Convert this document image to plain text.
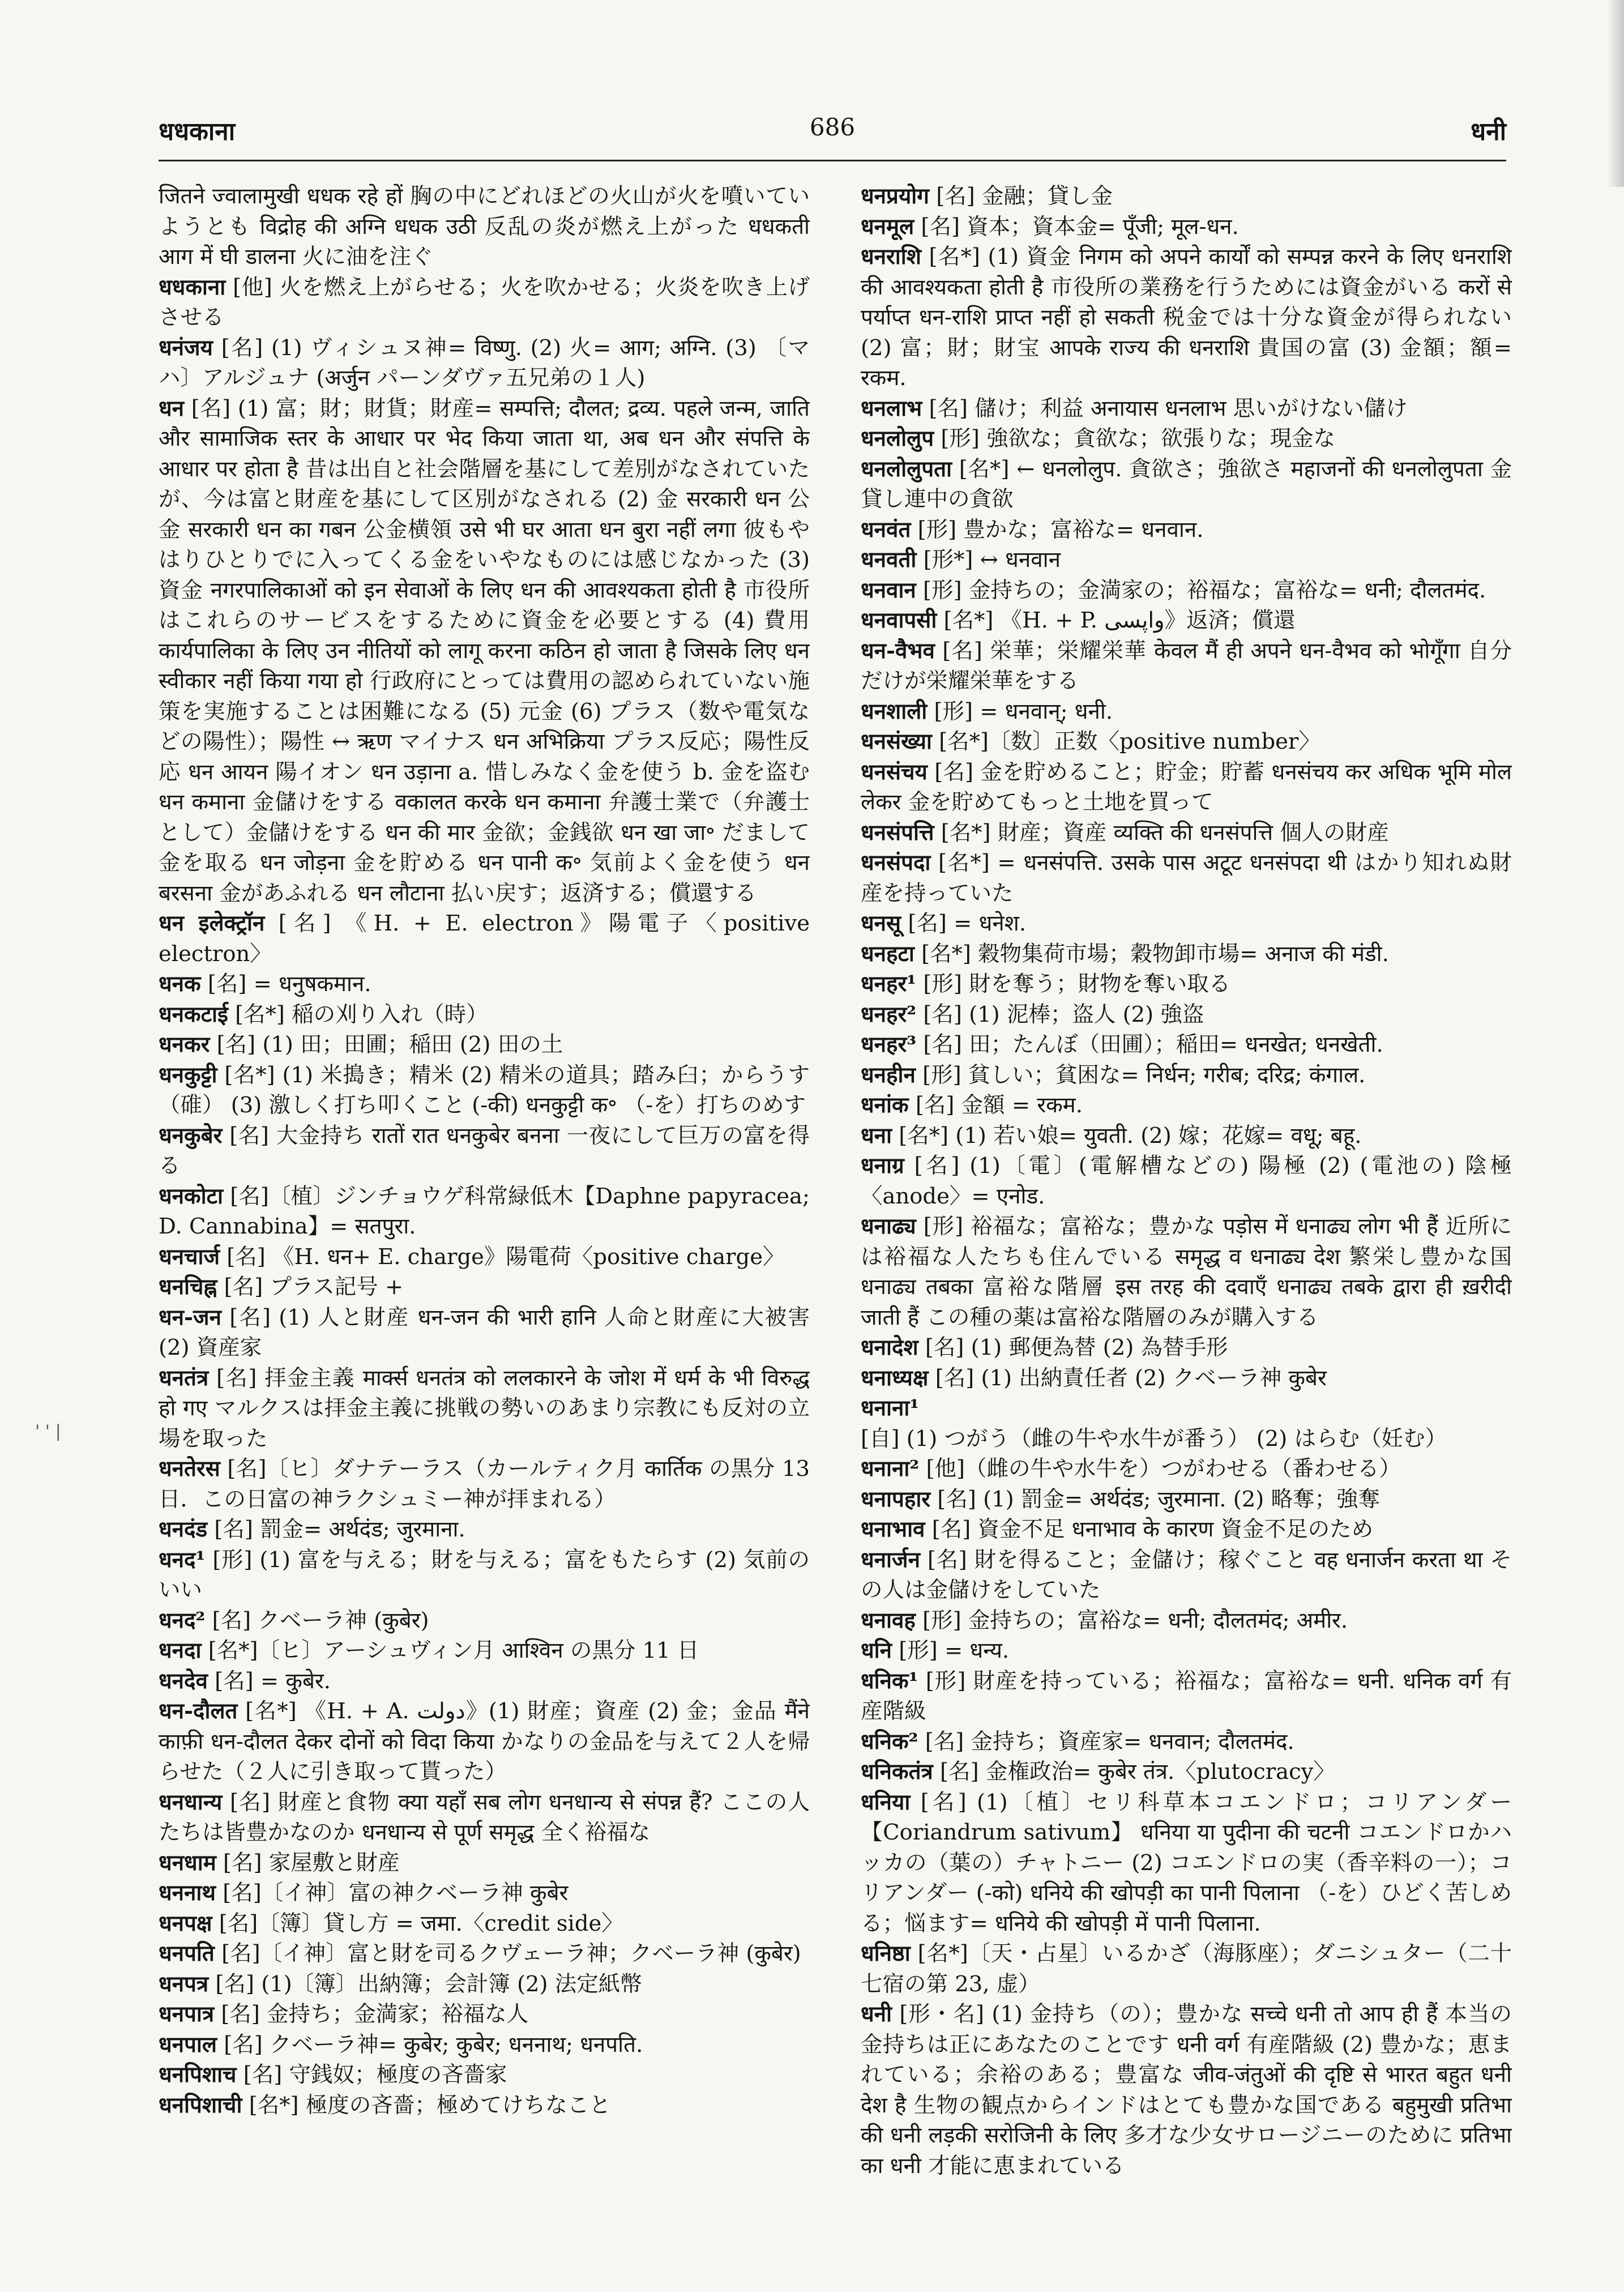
धधकाना	686	धनी
' ' |

जितने ज्वालामुखी धधक रहे हों 胸の中にどれほどの火山が火を噴いていようとも विद्रोह की अग्नि धधक उठी 反乱の炎が燃え上がった धधकती आग में घी डालना 火に油を注ぐ

धधकाना [他] 火を燃え上がらせる；火を吹かせる；火炎を吹き上げさせる

धनंजय [名] (1) ヴィシュヌ神= विष्णु. (2) 火= आग; अग्नि. (3) 〔マハ〕アルジュナ (अर्जुन パーンダヴァ五兄弟の１人)

धन [名] (1) 富；財；財貨；財産= सम्पत्ति; दौलत; द्रव्य. पहले जन्म, जाति और सामाजिक स्तर के आधार पर भेद किया जाता था, अब धन और संपत्ति के आधार पर होता है 昔は出自と社会階層を基にして差別がなされていたが、今は富と財産を基にして区別がなされる (2) 金 सरकारी धन 公金 सरकारी धन का गबन 公金横領 उसे भी घर आता धन बुरा नहीं लगा 彼もやはりひとりでに入ってくる金をいやなものには感じなかった (3) 資金 नगरपालिकाओं को इन सेवाओं के लिए धन की आवश्यकता होती है 市役所はこれらのサービスをするために資金を必要とする (4) 費用 कार्यपालिका के लिए उन नीतियों को लागू करना कठिन हो जाता है जिसके लिए धन स्वीकार नहीं किया गया हो 行政府にとっては費用の認められていない施策を実施することは困難になる (5) 元金 (6) プラス（数や電気などの陽性）；陽性 ↔ ऋण マイナス धन अभिक्रिया プラス反応；陽性反応 धन आयन 陽イオン धन उड़ाना a. 惜しみなく金を使う b. 金を盗む धन कमाना 金儲けをする वकालत करके धन कमाना 弁護士業で（弁護士として）金儲けをする धन की मार 金欲；金銭欲 धन खा जा॰ だまして金を取る धन जोड़ना 金を貯める धन पानी क॰ 気前よく金を使う धन बरसना 金があふれる धन लौटाना 払い戻す；返済する；償還する

धन इलेक्ट्रॉन [名] 《H. + E. electron》陽電子〈positive electron〉

धनक [名] = धनुषकमान.

धनकटाई [名*] 稲の刈り入れ（時）

धनकर [名] (1) 田；田圃；稲田 (2) 田の土

धनकुट्टी [名*] (1) 米搗き；精米 (2) 精米の道具；踏み臼；からうす（碓） (3) 激しく打ち叩くこと (-की) धनकुट्टी क॰ （-を）打ちのめす

धनकुबेर [名] 大金持ち रातों रात धनकुबेर बनना 一夜にして巨万の富を得る

धनकोटा [名]〔植〕ジンチョウゲ科常緑低木【Daphne papyracea; D. Cannabina】= सतपुरा.

धनचार्ज [名] 《H. धन+ E. charge》陽電荷〈positive charge〉

धनचिह्न [名] プラス記号 +

धन-जन [名] (1) 人と財産 धन-जन की भारी हानि 人命と財産に大被害 (2) 資産家

धनतंत्र [名] 拝金主義 मार्क्स धनतंत्र को ललकारने के जोश में धर्म के भी विरुद्ध हो गए マルクスは拝金主義に挑戦の勢いのあまり宗教にも反対の立場を取った

धनतेरस [名]〔ヒ〕ダナテーラス（カールティク月 कार्तिक の黒分 13 日．この日富の神ラクシュミー神が拝まれる）

धनदंड [名] 罰金= अर्थदंड; जुरमाना.

धनद¹ [形] (1) 富を与える；財を与える；富をもたらす (2) 気前のいい

धनद² [名] クベーラ神 (कुबेर)

धनदा [名*]〔ヒ〕アーシュヴィン月 आश्विन の黒分 11 日

धनदेव [名] = कुबेर.

धन-दौलत [名*] 《H. + A. دولت》(1) 財産；資産 (2) 金；金品 मैंने काफ़ी धन-दौलत देकर दोनों को विदा किया かなりの金品を与えて２人を帰らせた（２人に引き取って貰った）

धनधान्य [名] 財産と食物 क्या यहाँ सब लोग धनधान्य से संपन्न हैं? ここの人たちは皆豊かなのか धनधान्य से पूर्ण समृद्ध 全く裕福な

धनधाम [名] 家屋敷と財産

धननाथ [名]〔イ神〕富の神クベーラ神 कुबेर

धनपक्ष [名]〔簿〕貸し方 = जमा.〈credit side〉

धनपति [名]〔イ神〕富と財を司るクヴェーラ神；クベーラ神 (कुबेर)

धनपत्र [名] (1)〔簿〕出納簿；会計簿 (2) 法定紙幣

धनपात्र [名] 金持ち；金満家；裕福な人

धनपाल [名] クベーラ神= कुबेर; कुबेर; धननाथ; धनपति.

धनपिशाच [名] 守銭奴；極度の吝嗇家

धनपिशाची [名*] 極度の吝嗇；極めてけちなこと

धनप्रयोग [名] 金融；貸し金

धनमूल [名] 資本；資本金= पूँजी; मूल-धन.

धनराशि [名*] (1) 資金 निगम को अपने कार्यों को सम्पन्न करने के लिए धनराशि की आवश्यकता होती है 市役所の業務を行うためには資金がいる करों से पर्याप्त धन-राशि प्राप्त नहीं हो सकती 税金では十分な資金が得られない (2) 富；財；財宝 आपके राज्य की धनराशि 貴国の富 (3) 金額；額= रकम.

धनलाभ [名] 儲け；利益 अनायास धनलाभ 思いがけない儲け

धनलोलुप [形] 強欲な；貪欲な；欲張りな；現金な

धनलोलुपता [名*] ← धनलोलुप. 貪欲さ；強欲さ महाजनों की धनलोलुपता 金貸し連中の貪欲

धनवंत [形] 豊かな；富裕な= धनवान.

धनवती [形*] ↔ धनवान

धनवान [形] 金持ちの；金満家の；裕福な；富裕な= धनी; दौलतमंद.

धनवापसी [名*] 《H. + P. واپسی》返済；償還

धन-वैभव [名] 栄華；栄耀栄華 केवल मैं ही अपने धन-वैभव को भोगूँगा 自分だけが栄耀栄華をする

धनशाली [形] = धनवान्; धनी.

धनसंख्या [名*]〔数〕正数〈positive number〉

धनसंचय [名] 金を貯めること；貯金；貯蓄 धनसंचय कर अधिक भूमि मोल लेकर 金を貯めてもっと土地を買って

धनसंपत्ति [名*] 財産；資産 व्यक्ति की धनसंपत्ति 個人の財産

धनसंपदा [名*] = धनसंपत्ति. उसके पास अटूट धनसंपदा थी はかり知れぬ財産を持っていた

धनसू [名] = धनेश.

धनहटा [名*] 穀物集荷市場；穀物卸市場= अनाज की मंडी.

धनहर¹ [形] 財を奪う；財物を奪い取る

धनहर² [名] (1) 泥棒；盗人 (2) 強盗

धनहर³ [名] 田；たんぼ（田圃）；稲田= धनखेत; धनखेती.

धनहीन [形] 貧しい；貧困な= निर्धन; गरीब; दरिद्र; कंगाल.

धनांक [名] 金額 = रकम.

धना [名*] (1) 若い娘= युवती. (2) 嫁；花嫁= वधू; बहू.

धनाग्र [名] (1)〔電〕(電解槽などの) 陽極 (2) (電池の) 陰極〈anode〉= एनोड.

धनाढ्य [形] 裕福な；富裕な；豊かな पड़ोस में धनाढ्य लोग भी हैं 近所には裕福な人たちも住んでいる समृद्ध व धनाढ्य देश 繁栄し豊かな国 धनाढ्य तबका 富裕な階層 इस तरह की दवाएँ धनाढ्य तबके द्वारा ही ख़रीदी जाती हैं この種の薬は富裕な階層のみが購入する

धनादेश [名] (1) 郵便為替 (2) 為替手形

धनाध्यक्ष [名] (1) 出納責任者 (2) クベーラ神 कुबेर

धनाना¹ [自] (1) つがう（雌の牛や水牛が番う） (2) はらむ（妊む）

धनाना² [他]（雌の牛や水牛を）つがわせる（番わせる）

धनापहार [名] (1) 罰金= अर्थदंड; जुरमाना. (2) 略奪；強奪

धनाभाव [名] 資金不足 धनाभाव के कारण 資金不足のため

धनार्जन [名] 財を得ること；金儲け；稼ぐこと वह धनार्जन करता था その人は金儲けをしていた

धनावह [形] 金持ちの；富裕な= धनी; दौलतमंद; अमीर.

धनि [形] = धन्य.

धनिक¹ [形] 財産を持っている；裕福な；富裕な= धनी. धनिक वर्ग 有産階級

धनिक² [名] 金持ち；資産家= धनवान; दौलतमंद.

धनिकतंत्र [名] 金権政治= कुबेर तंत्र.〈plutocracy〉

धनिया [名] (1)〔植〕セリ科草本コエンドロ；コリアンダー【Coriandrum sativum】 धनिया या पुदीना की चटनी コエンドロかハッカの（葉の）チャトニー (2) コエンドロの実（香辛料の一）；コリアンダー (-को) धनिये की खोपड़ी का पानी पिलाना （-を）ひどく苦しめる；悩ます= धनिये की खोपड़ी में पानी पिलाना.

धनिष्ठा [名*]〔天・占星〕いるかざ（海豚座）；ダニシュター（二十七宿の第 23, 虚）

धनी [形・名] (1) 金持ち（の）；豊かな सच्चे धनी तो आप ही हैं 本当の金持ちは正にあなたのことです धनी वर्ग 有産階級 (2) 豊かな；恵まれている；余裕のある；豊富な जीव-जंतुओं की दृष्टि से भारत बहुत धनी देश है 生物の観点からインドはとても豊かな国である बहुमुखी प्रतिभा की धनी लड़की सरोजिनी के लिए 多才な少女サロージニーのために प्रतिभा का धनी 才能に恵まれている
